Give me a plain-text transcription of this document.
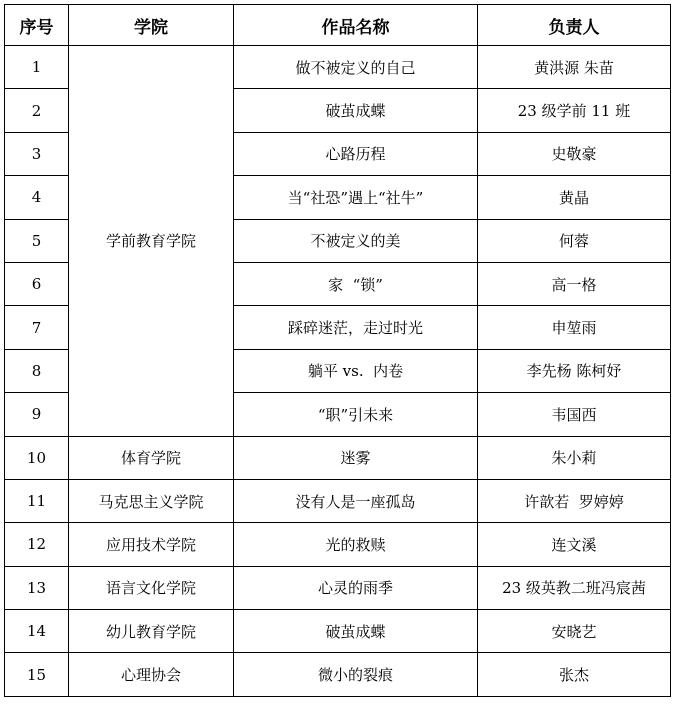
序号	学院	作品名称	负责人
1	学前教育学院	做不被定义的自己	黄洪源 朱苗
2		破茧成蝶	23 级学前 11 班
3		心路历程	史敬豪
4		当“社恐”遇上“社牛”	黄晶
5		不被定义的美	何蓉
6		家  “锁”	高一格
7		踩碎迷茫，走过时光	申堃雨
8		躺平 vs.  内卷	李先杨 陈柯妤
9		“职”引未来	韦国西
10	体育学院	迷雾	朱小莉
11	马克思主义学院	没有人是一座孤岛	许歆若  罗婷婷
12	应用技术学院	光的救赎	连文溪
13	语言文化学院	心灵的雨季	23 级英教二班冯宸茜
14	幼儿教育学院	破茧成蝶	安晓艺
15	心理协会	微小的裂痕	张杰
